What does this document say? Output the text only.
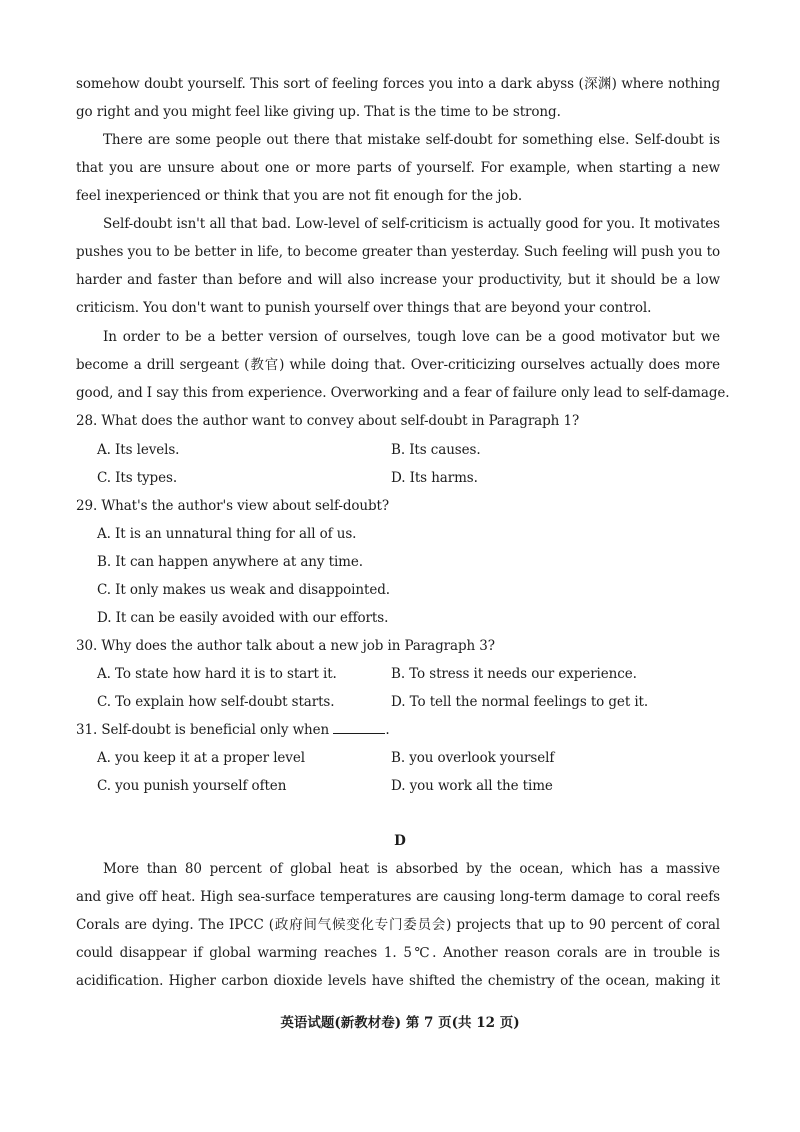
somehow doubt yourself. This sort of feeling forces you into a dark abyss (深渊) where nothing
go right and you might feel like giving up. That is the time to be strong.
There are some people out there that mistake self-doubt for something else. Self-doubt is
that you are unsure about one or more parts of yourself. For example, when starting a new
feel inexperienced or think that you are not fit enough for the job.
Self-doubt isn't all that bad. Low-level of self-criticism is actually good for you. It motivates
pushes you to be better in life, to become greater than yesterday. Such feeling will push you to
harder and faster than before and will also increase your productivity, but it should be a low
criticism. You don't want to punish yourself over things that are beyond your control.
In order to be a better version of ourselves, tough love can be a good motivator but we
become a drill sergeant (教官) while doing that. Over-criticizing ourselves actually does more
good, and I say this from experience. Overworking and a fear of failure only lead to self-damage.
28. What does the author want to convey about self-doubt in Paragraph 1?
A. Its levels.	B. Its causes.
C. Its types.	D. Its harms.
29. What's the author's view about self-doubt?
A. It is an unnatural thing for all of us.
B. It can happen anywhere at any time.
C. It only makes us weak and disappointed.
D. It can be easily avoided with our efforts.
30. Why does the author talk about a new job in Paragraph 3?
A. To state how hard it is to start it.	B. To stress it needs our experience.
C. To explain how self-doubt starts.	D. To tell the normal feelings to get it.
31. Self-doubt is beneficial only when	.
A. you keep it at a proper level	B. you overlook yourself
C. you punish yourself often	D. you work all the time
D
More than 80 percent of global heat is absorbed by the ocean, which has a massive
and give off heat. High sea-surface temperatures are causing long-term damage to coral reefs
Corals are dying. The IPCC (政府间气候变化专门委员会) projects that up to 90 percent of coral
could disappear if global warming reaches 1. 5℃. Another reason corals are in trouble is
acidification. Higher carbon dioxide levels have shifted the chemistry of the ocean, making it
英语试题(新教材卷) 第 7 页(共 12 页)
